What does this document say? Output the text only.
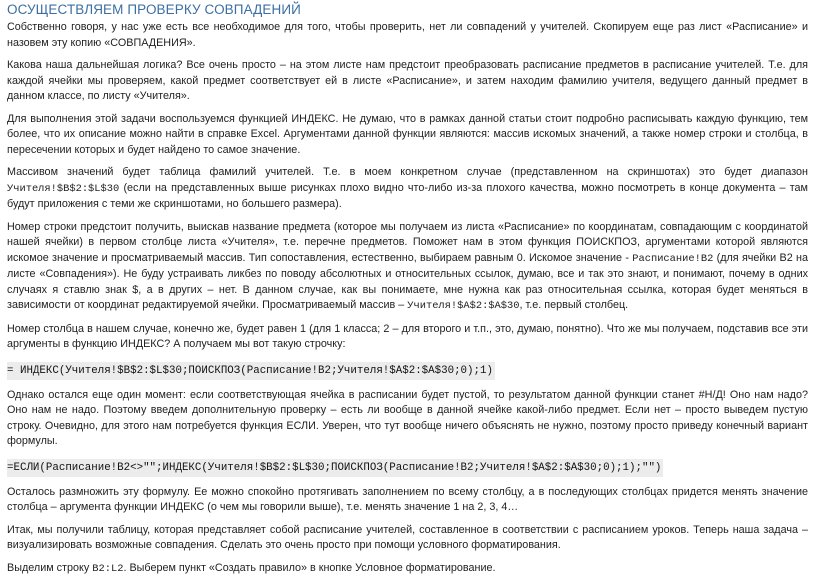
ОСУЩЕСТВЛЯЕМ ПРОВЕРКУ СОВПАДЕНИЙ

Собственно говоря, у нас уже есть все необходимое для того, чтобы проверить, нет ли совпадений у учителей. Скопируем еще раз лист «Расписание» и назовем эту копию «СОВПАДЕНИЯ».

Какова наша дальнейшая логика? Все очень просто – на этом листе нам предстоит преобразовать расписание предметов в расписание учителей. Т.е. для каждой ячейки мы проверяем, какой предмет соответствует ей в листе «Расписание», и затем находим фамилию учителя, ведущего данный предмет в данном классе, по листу «Учителя».

Для выполнения этой задачи воспользуемся функцией ИНДЕКС. Не думаю, что в рамках данной статьи стоит подробно расписывать каждую функцию, тем более, что их описание можно найти в справке Excel. Аргументами данной функции являются: массив искомых значений, а также номер строки и столбца, в пересечении которых и будет найдено то самое значение.

Массивом значений будет таблица фамилий учителей. Т.е. в моем конкретном случае (представленном на скриншотах) это будет диапазон Учителя!$B$2:$L$30 (если на представленных выше рисунках плохо видно что-либо из-за плохого качества, можно посмотреть в конце документа – там будут приложения с теми же скриншотами, но большего размера).

Номер строки предстоит получить, выискав название предмета (которое мы получаем из листа «Расписание» по координатам, совпадающим с координатой нашей ячейки) в первом столбце листа «Учителя», т.е. перечне предметов. Поможет нам в этом функция ПОИСКПОЗ, аргументами которой являются искомое значение и просматриваемый массив. Тип сопоставления, естественно, выбираем равным 0. Искомое значение - Расписание!B2 (для ячейки B2 на листе «Совпадения»). Не буду устраивать ликбез по поводу абсолютных и относительных ссылок, думаю, все и так это знают, и понимают, почему в одних случаях я ставлю знак $, а в других – нет. В данном случае, как вы понимаете, мне нужна как раз относительная ссылка, которая будет меняться в зависимости от координат редактируемой ячейки. Просматриваемый массив – Учителя!$A$2:$A$30, т.е. первый столбец.

Номер столбца в нашем случае, конечно же, будет равен 1 (для 1 класса; 2 – для второго и т.п., это, думаю, понятно). Что же мы получаем, подставив все эти аргументы в функцию ИНДЕКС? А получаем мы вот такую строчку:

= ИНДЕКС(Учителя!$B$2:$L$30;ПОИСКПОЗ(Расписание!B2;Учителя!$A$2:$A$30;0);1)

Однако остался еще один момент: если соответствующая ячейка в расписании будет пустой, то результатом данной функции станет #Н/Д! Оно нам надо? Оно нам не надо. Поэтому введем дополнительную проверку – есть ли вообще в данной ячейке какой-либо предмет. Если нет – просто выведем пустую строку. Очевидно, для этого нам потребуется функция ЕСЛИ. Уверен, что тут вообще ничего объяснять не нужно, поэтому просто приведу конечный вариант формулы.

=ЕСЛИ(Расписание!B2<>"";ИНДЕКС(Учителя!$B$2:$L$30;ПОИСКПОЗ(Расписание!B2;Учителя!$A$2:$A$30;0);1);"")

Осталось размножить эту формулу. Ее можно спокойно протягивать заполнением по всему столбцу, а в последующих столбцах придется менять значение столбца – аргумента функции ИНДЕКС (о чем мы говорили выше), т.е. менять значение 1 на 2, 3, 4…

Итак, мы получили таблицу, которая представляет собой расписание учителей, составленное в соответствии с расписанием уроков. Теперь наша задача – визуализировать возможные совпадения. Сделать это очень просто при помощи условного форматирования.

Выделим строку B2:L2. Выберем пункт «Создать правило» в кнопке Условное форматирование.
